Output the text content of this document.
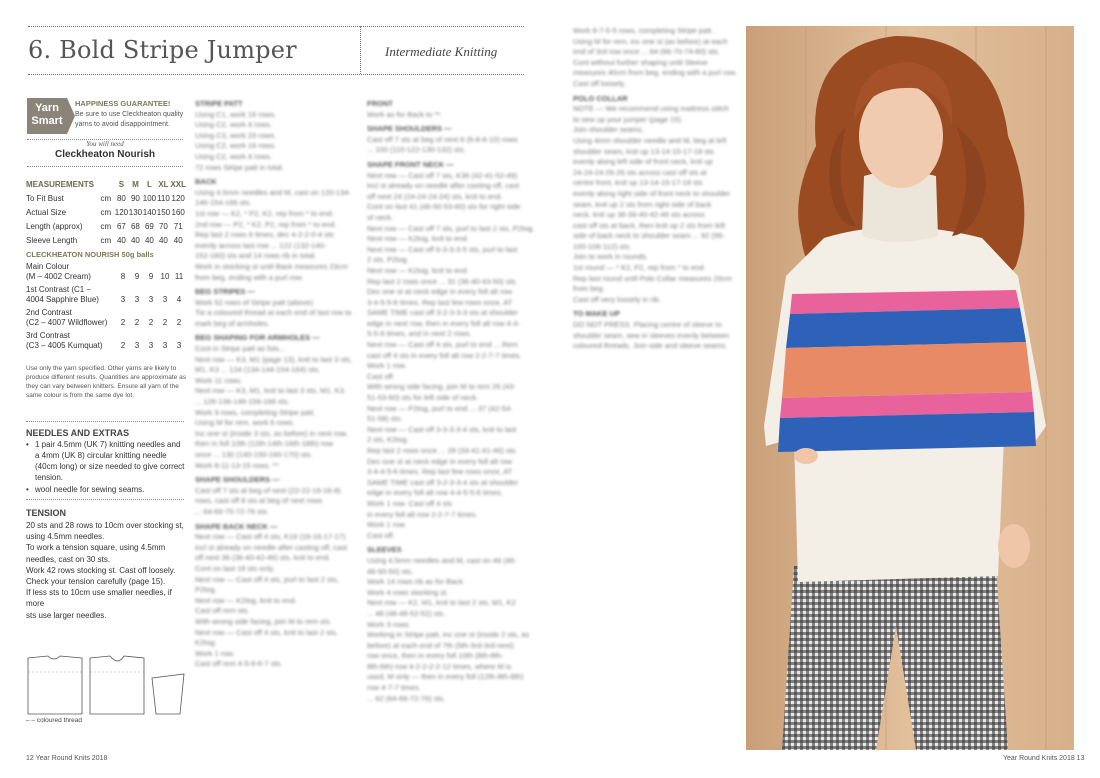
6. Bold Stripe Jumper	Intermediate Knitting
Yarn
Smart
HAPPINESS GUARANTEE!
Be sure to use Cleckheaton quality yarns to avoid disappointment.
You will need
Cleckheaton Nourish
MEASUREMENTS		S	M	L	XL	XXL
To Fit Bust	cm	80	90	100	110	120
Actual Size	cm	120	130	140	150	160
Length (approx)	cm	67	68	69	70	71
Sleeve Length	cm	40	40	40	40	40
CLECKHEATON NOURISH 50g balls
Main Colour
(M – 4002 Cream)	8	9	9	10	11

1st Contrast (C1 –
4004 Sapphire Blue)	3	3	3	3	4

2nd Contrast
(C2 – 4007 Wildflower)	2	2	2	2	2

3rd Contrast
(C3 – 4005 Kumquat)	2	3	3	3	3
Use only the yarn specified. Other yarns are likely to produce different results. Quantities are approximate as they can vary between knitters. Ensure all yarn of the same colour is from the same dye lot.
NEEDLES AND EXTRAS
• 1 pair 4.5mm (UK 7) knitting needles and a 4mm (UK 8) circular knitting needle (40cm long) or size needed to give correct tension.
• wool needle for sewing seams.
TENSION
20 sts and 28 rows to 10cm over stocking st,
using 4.5mm needles.
To work a tension square, using 4.5mm
needles, cast on 30 sts.
Work 42 rows stocking st. Cast off loosely.
Check your tension carefully (page 15).
If less sts to 10cm use smaller needles, if more
sts use larger needles.
– – coloured thread

STRIPE PATT

Using C1, work 16 rows.

Using C2, work 4 rows.

Using C3, work 20 rows.

Using C2, work 16 rows.

Using C2, work 4 rows.

72 rows Stripe patt in total.

BACK

Using 4.5mm needles and M, cast on 120-134-

146-154-166 sts.

1st row — K2, * P2, K2, rep from * to end.

2nd row — P2, * K2, P2, rep from * to end.

Rep last 2 rows 6 times, dec 4-2-2-0-4 sts

evenly across last row ... 122 (132-140-

152-160) sts and 14 rows rib in total.

Work in stocking st until Back measures 23cm

from beg, ending with a purl row.

BEG STRIPES —

Work 52 rows of Stripe patt (above).

Tie a coloured thread at each end of last row to

mark beg of armholes.

BEG SHAPING FOR ARMHOLES —

Cont in Stripe patt as fols...

Next row — K3, M1 (page 13), knit to last 3 sts,

M1, K3 ... 124 (134-144-154-164) sts.

Work 11 rows.

Next row — K3, M1, knit to last 3 sts, M1, K3.

... 126-136-146-156-166 sts.

Work 9 rows, completing Stripe patt.

Using M for rem, work 6 rows.

Inc one st (inside 3 sts, as before) in next row,

then in foll 10th (12th-14th-16th-18th) row

once ... 130 (140-150-160-170) sts.

Work 8-11-13-15 rows. **

SHAPE SHOULDERS —

Cast off 7 sts at beg of next (22-22-16-16-8)

rows, cast off 8 sts at beg of next rows

... 64-66-70-72-76 sts.

SHAPE BACK NECK —

Next row — Cast off 4 sts, K16 (16-16-17-17)

incl st already on needle after casting off, cast

off next 36 (36-40-42-46) sts, knit to end.

Cont on last 18 sts only.

Next row — Cast off 4 sts, purl to last 2 sts, P2tog.

Next row — K2tog, knit to end.

Cast off rem sts.

With wrong side facing, join M to rem sts.

Next row — Cast off 4 sts, knit to last 2 sts, K2tog.

Work 1 row.

Cast off rem 4-5-6-6-7 sts.

FRONT

Work as for Back to **.

SHAPE SHOULDERS —

Cast off 7 sts at beg of next 6 (6-8-8-10) rows

... 100 (110-122-130-132) sts.

SHAPE FRONT NECK —

Next row — Cast off 7 sts, K36 (42-41-52-49)

incl st already on needle after casting off, cast

off next 24 (24-24-24-24) sts, knit to end.

Cont on last 41 (46-50-53-60) sts for right side

of neck.

Next row — Cast off 7 sts, purl to last 2 sts, P2tog.

Next row — K2tog, knit to end.

Next row — Cast off 6-3-3-3-5 sts, purl to last

2 sts, P2tog.

Next row — K2tog, knit to end.

Rep last 2 rows once ... 31 (36-40-43-50) sts.

Dec one st at neck edge in every foll alt row

3-4-5-5-6 times. Rep last few rows once, AT

SAME TIME cast off 3-2-3-3-3 sts at shoulder

edge in next row, then in every foll alt row 4-4-

5-5-6 times, and in next 2 rows.

Next row — Cast off 4 sts, purl to end ... Rem

cast off 4 sts in every foll alt row 2-2-7-7 times.

Work 1 row.

Cast off.

With wrong side facing, join M to rem 26 (43-

51-53-60) sts for left side of neck.

Next row — P2tog, purl to end ... 37 (42-54-

51-58) sts.

Next row — Cast off 3-3-3-3-4 sts, knit to last

2 sts, K2tog.

Rep last 2 rows once ... 28 (33-41-41-46) sts.

Dec one st at neck edge in every foll alt row

3-4-4-5-6 times. Rep last few rows once, AT

SAME TIME cast off 3-2-3-3-4 sts at shoulder

edge in every foll alt row 4-4-5-5-6 times.

Work 1 row. Cast off 4 sts

in every foll alt row 2-2-7-7 times.

Work 1 row.

Cast off.

SLEEVES

Using 4.5mm needles and M, cast on 46 (46-

46-50-50) sts.

Work 14 rows rib as for Back.

Work 4 rows stocking st.

Next row — K2, M1, knit to last 2 sts, M1, K2

... 48 (48-48-52-52) sts.

Work 3 rows.

Working in Stripe patt, inc one st (inside 2 sts, as

before) at each end of 7th (5th-3rd-3rd-next)

row once, then in every foll 10th (8th-8th-

8th-6th) row 4-2-2-2-2-12 times, where M is

used, M only — then in every foll (12th-8th-8th)

row 4-7-7 times.

... 62 (64-66-72-76) sts.

Work 8-7-5-5 rows, completing Stripe patt.

Using M for rem, inc one st (as before) at each

end of 3rd row once ... 64 (66-70-74-80) sts.

Cont without further shaping until Sleeve

measures 40cm from beg, ending with a purl row.

Cast off loosely.

POLO COLLAR

NOTE — We recommend using mattress stitch

to sew up your jumper (page 15).

Join shoulder seams.

Using 4mm shoulder needle and M, beg at left

shoulder seam, knit up 13-14-15-17-18 sts

evenly along left side of front neck, knit up

24-24-24-26-26 sts across cast off sts at

centre front, knit up 13-14-15-17-18 sts

evenly along right side of front neck to shoulder

seam, knit up 2 sts from right side of back

neck, knit up 36-36-40-42-46 sts across

cast off sts at back, then knit up 2 sts from left

side of back neck to shoulder seam ... 92 (96-

100-106-112) sts.

Join to work in rounds.

1st round — * K2, P2, rep from * to end.

Rep last round until Polo Collar measures 20cm

from beg.

Cast off very loosely in rib.

TO MAKE UP

DO NOT PRESS. Placing centre of sleeve to

shoulder seam, sew in sleeves evenly between

coloured threads. Join side and sleeve seams.

12 Year Round Knits 2018	Year Round Knits 2018 13
